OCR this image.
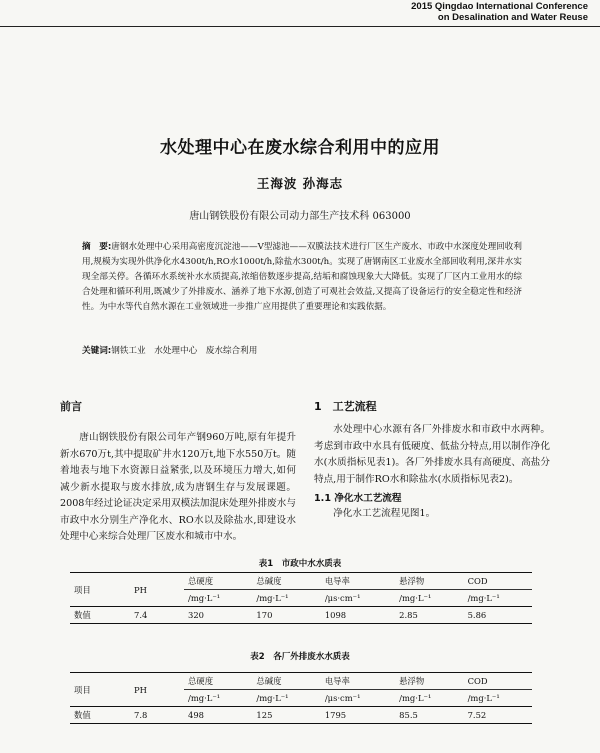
2015 Qingdao International Conference
on Desalination and Water Reuse
水处理中心在废水综合利用中的应用
王海波 孙海志
唐山钢铁股份有限公司动力部生产技术科 063000
摘　要:唐钢水处理中心采用高密度沉淀池——V型滤池——双膜法技术进行厂区生产废水、市政中水深度处理回收利用,规模为实现外供净化水4300t/h,RO水1000t/h,除盐水300t/h。实现了唐钢南区工业废水全部回收利用,深井水实现全部关停。各循环水系统补水水质提高,浓缩倍数逐步提高,结垢和腐蚀现象大大降低。实现了厂区内工业用水的综合处理和循环利用,既减少了外排废水、涵养了地下水源,创造了可观社会效益,又提高了设备运行的安全稳定性和经济性。为中水等代自然水源在工业领域进一步推广应用提供了重要理论和实践依据。
关键词:钢铁工业　水处理中心　废水综合利用
前言
唐山钢铁股份有限公司年产钢960万吨,原有年提升新水670万t,其中提取矿井水120万t,地下水550万t。随着地表与地下水资源日益紧张,以及环境压力增大,如何减少新水提取与废水排放,成为唐钢生存与发展课题。2008年经过论证决定采用双模法加混床处理外排废水与市政中水分别生产净化水、RO水以及除盐水,即建设水处理中心来综合处理厂区废水和城市中水。
1　工艺流程
水处理中心水源有各厂外排废水和市政中水两种。考虑到市政中水具有低硬度、低盐分特点,用以制作净化水(水质指标见表1)。各厂外排废水具有高硬度、高盐分特点,用于制作RO水和除盐水(水质指标见表2)。
1.1 净化水工艺流程
净化水工艺流程见图1。
表1　市政中水水质表
项目	PH	总硬度	总碱度	电导率	悬浮物	COD
		/mg·L⁻¹	/mg·L⁻¹	/μs·cm⁻¹	/mg·L⁻¹	/mg·L⁻¹
数值	7.4	320	170	1098	2.85	5.86
表2　各厂外排废水水质表
项目	PH	总硬度	总碱度	电导率	悬浮物	COD
		/mg·L⁻¹	/mg·L⁻¹	/μs·cm⁻¹	/mg·L⁻¹	/mg·L⁻¹
数值	7.8	498	125	1795	85.5	7.52
